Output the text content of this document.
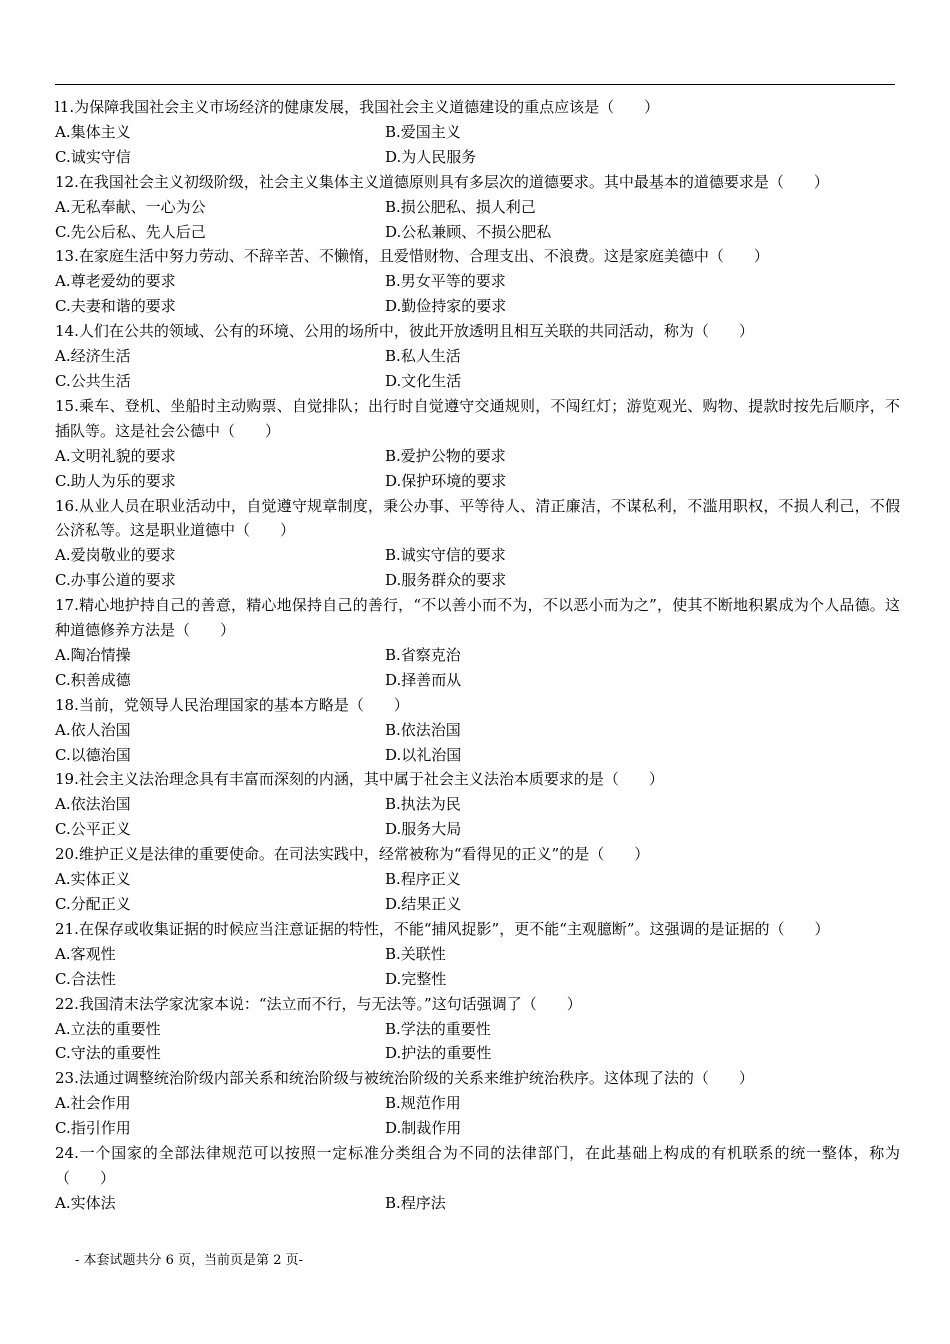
l1.为保障我国社会主义市场经济的健康发展，我国社会主义道德建设的重点应该是（　　）
A.集体主义	B.爱国主义
C.诚实守信	D.为人民服务
12.在我国社会主义初级阶级，社会主义集体主义道德原则具有多层次的道德要求。其中最基本的道德要求是（　　）
A.无私奉献、一心为公	B.损公肥私、损人利己
C.先公后私、先人后己	D.公私兼顾、不损公肥私
13.在家庭生活中努力劳动、不辞辛苦、不懒惰，且爱惜财物、合理支出、不浪费。这是家庭美德中（　　）
A.尊老爱幼的要求	B.男女平等的要求
C.夫妻和谐的要求	D.勤俭持家的要求
14.人们在公共的领域、公有的环境、公用的场所中，彼此开放透明且相互关联的共同活动，称为（　　）
A.经济生活	B.私人生活
C.公共生活	D.文化生活
15.乘车、登机、坐船时主动购票、自觉排队；出行时自觉遵守交通规则，不闯红灯；游览观光、购物、提款时按先后顺序，不插队等。这是社会公德中（　　）
A.文明礼貌的要求	B.爱护公物的要求
C.助人为乐的要求	D.保护环境的要求
16.从业人员在职业活动中，自觉遵守规章制度，秉公办事、平等待人、清正廉洁，不谋私利，不滥用职权，不损人利己，不假公济私等。这是职业道德中（　　）
A.爱岗敬业的要求	B.诚实守信的要求
C.办事公道的要求	D.服务群众的要求
17.精心地护持自己的善意，精心地保持自己的善行，“不以善小而不为，不以恶小而为之”，使其不断地积累成为个人品德。这种道德修养方法是（　　）
A.陶冶情操	B.省察克治
C.积善成德	D.择善而从
18.当前，党领导人民治理国家的基本方略是（　　）
A.依人治国	B.依法治国
C.以德治国	D.以礼治国
19.社会主义法治理念具有丰富而深刻的内涵，其中属于社会主义法治本质要求的是（　　）
A.依法治国	B.执法为民
C.公平正义	D.服务大局
20.维护正义是法律的重要使命。在司法实践中，经常被称为“看得见的正义”的是（　　）
A.实体正义	B.程序正义
C.分配正义	D.结果正义
21.在保存或收集证据的时候应当注意证据的特性，不能“捕风捉影”，更不能“主观臆断”。这强调的是证据的（　　）
A.客观性	B.关联性
C.合法性	D.完整性
22.我国清末法学家沈家本说：“法立而不行，与无法等。”这句话强调了（　　）
A.立法的重要性	B.学法的重要性
C.守法的重要性	D.护法的重要性
23.法通过调整统治阶级内部关系和统治阶级与被统治阶级的关系来维护统治秩序。这体现了法的（　　）
A.社会作用	B.规范作用
C.指引作用	D.制裁作用
24.一个国家的全部法律规范可以按照一定标准分类组合为不同的法律部门，在此基础上构成的有机联系的统一整体，称为（　　）
A.实体法	B.程序法
- 本套试题共分 6 页，当前页是第 2 页-
